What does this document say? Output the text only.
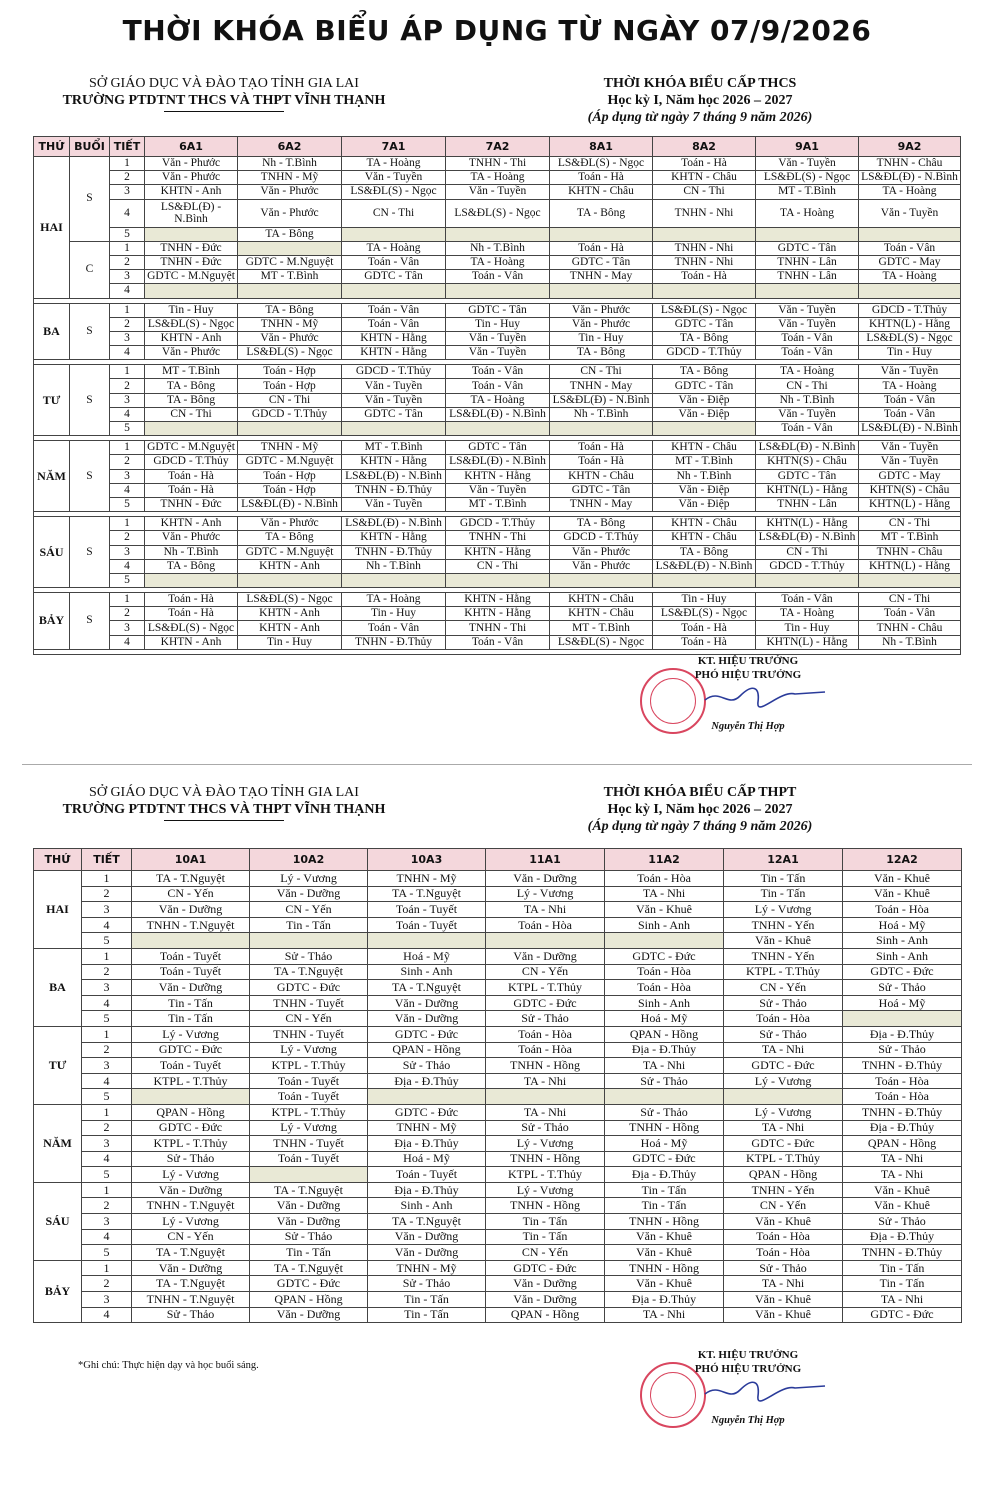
THỜI KHÓA BIỂU ÁP DỤNG TỪ NGÀY 07/9/2026
SỞ GIÁO DỤC VÀ ĐÀO TẠO TỈNH GIA LAI
TRƯỜNG PTDTNT THCS VÀ THPT VĨNH THẠNH
THỜI KHÓA BIỂU CẤP THCS
Học kỳ I, Năm học 2026 – 2027
(Áp dụng từ ngày 7 tháng 9 năm 2026)
THỨ	BUỔI	TIẾT	6A1	6A2	7A1	7A2	8A1	8A2	9A1	9A2
HAI	S	1	Văn - Phước	Nh - T.Bình	TA - Hoàng	TNHN - Thi	LS&ĐL(S) - Ngọc	Toán - Hà	Văn - Tuyền	TNHN - Châu
		2	Văn - Phước	TNHN - Mỹ	Văn - Tuyền	TA - Hoàng	Toán - Hà	KHTN - Châu	LS&ĐL(S) - Ngọc	LS&ĐL(Đ) - N.Bình
		3	KHTN - Anh	Văn - Phước	LS&ĐL(S) - Ngọc	Văn - Tuyền	KHTN - Châu	CN - Thi	MT - T.Bình	TA - Hoàng
		4	LS&ĐL(Đ) - N.Bình	Văn - Phước	CN - Thi	LS&ĐL(S) - Ngọc	TA - Bông	TNHN - Nhi	TA - Hoàng	Văn - Tuyền
		5		TA - Bông						
	C	1	TNHN - Đức		TA - Hoàng	Nh - T.Bình	Toán - Hà	TNHN - Nhi	GDTC - Tân	Toán - Vân
		2	TNHN - Đức	GDTC - M.Nguyệt	Toán - Vân	TA - Hoàng	GDTC - Tân	TNHN - Nhi	TNHN - Lân	GDTC - May
		3	GDTC - M.Nguyệt	MT - T.Bình	GDTC - Tân	Toán - Vân	TNHN - May	Toán - Hà	TNHN - Lân	TA - Hoàng
		4								

BA	S	1	Tin - Huy	TA - Bông	Toán - Vân	GDTC - Tân	Văn - Phước	LS&ĐL(S) - Ngọc	Văn - Tuyền	GDCD - T.Thủy
		2	LS&ĐL(S) - Ngọc	TNHN - Mỹ	Toán - Vân	Tin - Huy	Văn - Phước	GDTC - Tân	Văn - Tuyền	KHTN(L) - Hằng
		3	KHTN - Anh	Văn - Phước	KHTN - Hằng	Văn - Tuyền	Tin - Huy	TA - Bông	Toán - Vân	LS&ĐL(S) - Ngọc
		4	Văn - Phước	LS&ĐL(S) - Ngọc	KHTN - Hằng	Văn - Tuyền	TA - Bông	GDCD - T.Thủy	Toán - Vân	Tin - Huy

TƯ	S	1	MT - T.Bình	Toán - Hợp	GDCD - T.Thủy	Toán - Vân	CN - Thi	TA - Bông	TA - Hoàng	Văn - Tuyền
		2	TA - Bông	Toán - Hợp	Văn - Tuyền	Toán - Vân	TNHN - May	GDTC - Tân	CN - Thi	TA - Hoàng
		3	TA - Bông	CN - Thi	Văn - Tuyền	TA - Hoàng	LS&ĐL(Đ) - N.Bình	Văn - Điệp	Nh - T.Bình	Toán - Vân
		4	CN - Thi	GDCD - T.Thủy	GDTC - Tân	LS&ĐL(Đ) - N.Bình	Nh - T.Bình	Văn - Điệp	Văn - Tuyền	Toán - Vân
		5							Toán - Vân	LS&ĐL(Đ) - N.Bình

NĂM	S	1	GDTC - M.Nguyệt	TNHN - Mỹ	MT - T.Bình	GDTC - Tân	Toán - Hà	KHTN - Châu	LS&ĐL(Đ) - N.Bình	Văn - Tuyền
		2	GDCD - T.Thủy	GDTC - M.Nguyệt	KHTN - Hằng	LS&ĐL(Đ) - N.Bình	Toán - Hà	MT - T.Bình	KHTN(S) - Châu	Văn - Tuyền
		3	Toán - Hà	Toán - Hợp	LS&ĐL(Đ) - N.Bình	KHTN - Hằng	KHTN - Châu	Nh - T.Bình	GDTC - Tân	GDTC - May
		4	Toán - Hà	Toán - Hợp	TNHN - Đ.Thủy	Văn - Tuyền	GDTC - Tân	Văn - Điệp	KHTN(L) - Hằng	KHTN(S) - Châu
		5	TNHN - Đức	LS&ĐL(Đ) - N.Bình	Văn - Tuyền	MT - T.Bình	TNHN - May	Văn - Điệp	TNHN - Lân	KHTN(L) - Hằng

SÁU	S	1	KHTN - Anh	Văn - Phước	LS&ĐL(Đ) - N.Bình	GDCD - T.Thủy	TA - Bông	KHTN - Châu	KHTN(L) - Hằng	CN - Thi
		2	Văn - Phước	TA - Bông	KHTN - Hằng	TNHN - Thi	GDCD - T.Thủy	KHTN - Châu	LS&ĐL(Đ) - N.Bình	MT - T.Bình
		3	Nh - T.Bình	GDTC - M.Nguyệt	TNHN - Đ.Thủy	KHTN - Hằng	Văn - Phước	TA - Bông	CN - Thi	TNHN - Châu
		4	TA - Bông	KHTN - Anh	Nh - T.Bình	CN - Thi	Văn - Phước	LS&ĐL(Đ) - N.Bình	GDCD - T.Thủy	KHTN(L) - Hằng
		5								

BẢY	S	1	Toán - Hà	LS&ĐL(S) - Ngọc	TA - Hoàng	KHTN - Hằng	KHTN - Châu	Tin - Huy	Toán - Vân	CN - Thi
		2	Toán - Hà	KHTN - Anh	Tin - Huy	KHTN - Hằng	KHTN - Châu	LS&ĐL(S) - Ngọc	TA - Hoàng	Toán - Vân
		3	LS&ĐL(S) - Ngọc	KHTN - Anh	Toán - Vân	TNHN - Thi	MT - T.Bình	Toán - Hà	Tin - Huy	TNHN - Châu
		4	KHTN - Anh	Tin - Huy	TNHN - Đ.Thủy	Toán - Vân	LS&ĐL(S) - Ngọc	Toán - Hà	KHTN(L) - Hằng	Nh - T.Bình

KT. HIỆU TRƯỞNG
PHÓ HIỆU TRƯỞNG
Nguyễn Thị Hợp
SỞ GIÁO DỤC VÀ ĐÀO TẠO TỈNH GIA LAI
TRƯỜNG PTDTNT THCS VÀ THPT VĨNH THẠNH
THỜI KHÓA BIỂU CẤP THPT
Học kỳ I, Năm học 2026 – 2027
(Áp dụng từ ngày 7 tháng 9 năm 2026)
THỨ	TIẾT	10A1	10A2	10A3	11A1	11A2	12A1	12A2
HAI	1	TA - T.Nguyệt	Lý - Vương	TNHN - Mỹ	Văn - Dưỡng	Toán - Hòa	Tin - Tấn	Văn - Khuê
	2	CN - Yến	Văn - Dưỡng	TA - T.Nguyệt	Lý - Vương	TA - Nhi	Tin - Tấn	Văn - Khuê
	3	Văn - Dưỡng	CN - Yến	Toán - Tuyết	TA - Nhi	Văn - Khuê	Lý - Vương	Toán - Hòa
	4	TNHN - T.Nguyệt	Tin - Tấn	Toán - Tuyết	Toán - Hòa	Sinh - Anh	TNHN - Yến	Hoá - Mỹ
	5						Văn - Khuê	Sinh - Anh
BA	1	Toán - Tuyết	Sử - Thảo	Hoá - Mỹ	Văn - Dưỡng	GDTC - Đức	TNHN - Yến	Sinh - Anh
	2	Toán - Tuyết	TA - T.Nguyệt	Sinh - Anh	CN - Yến	Toán - Hòa	KTPL - T.Thủy	GDTC - Đức
	3	Văn - Dưỡng	GDTC - Đức	TA - T.Nguyệt	KTPL - T.Thủy	Toán - Hòa	CN - Yến	Sử - Thảo
	4	Tin - Tấn	TNHN - Tuyết	Văn - Dưỡng	GDTC - Đức	Sinh - Anh	Sử - Thảo	Hoá - Mỹ
	5	Tin - Tấn	CN - Yến	Văn - Dưỡng	Sử - Thảo	Hoá - Mỹ	Toán - Hòa	
TƯ	1	Lý - Vương	TNHN - Tuyết	GDTC - Đức	Toán - Hòa	QPAN - Hồng	Sử - Thảo	Địa - Đ.Thủy
	2	GDTC - Đức	Lý - Vương	QPAN - Hồng	Toán - Hòa	Địa - Đ.Thủy	TA - Nhi	Sử - Thảo
	3	Toán - Tuyết	KTPL - T.Thủy	Sử - Thảo	TNHN - Hồng	TA - Nhi	GDTC - Đức	TNHN - Đ.Thủy
	4	KTPL - T.Thủy	Toán - Tuyết	Địa - Đ.Thủy	TA - Nhi	Sử - Thảo	Lý - Vương	Toán - Hòa
	5		Toán - Tuyết					Toán - Hòa
NĂM	1	QPAN - Hồng	KTPL - T.Thủy	GDTC - Đức	TA - Nhi	Sử - Thảo	Lý - Vương	TNHN - Đ.Thủy
	2	GDTC - Đức	Lý - Vương	TNHN - Mỹ	Sử - Thảo	TNHN - Hồng	TA - Nhi	Địa - Đ.Thủy
	3	KTPL - T.Thủy	TNHN - Tuyết	Địa - Đ.Thủy	Lý - Vương	Hoá - Mỹ	GDTC - Đức	QPAN - Hồng
	4	Sử - Thảo	Toán - Tuyết	Hoá - Mỹ	TNHN - Hồng	GDTC - Đức	KTPL - T.Thủy	TA - Nhi
	5	Lý - Vương		Toán - Tuyết	KTPL - T.Thủy	Địa - Đ.Thủy	QPAN - Hồng	TA - Nhi
SÁU	1	Văn - Dưỡng	TA - T.Nguyệt	Địa - Đ.Thủy	Lý - Vương	Tin - Tấn	TNHN - Yến	Văn - Khuê
	2	TNHN - T.Nguyệt	Văn - Dưỡng	Sinh - Anh	TNHN - Hồng	Tin - Tấn	CN - Yến	Văn - Khuê
	3	Lý - Vương	Văn - Dưỡng	TA - T.Nguyệt	Tin - Tấn	TNHN - Hồng	Văn - Khuê	Sử - Thảo
	4	CN - Yến	Sử - Thảo	Văn - Dưỡng	Tin - Tấn	Văn - Khuê	Toán - Hòa	Địa - Đ.Thủy
	5	TA - T.Nguyệt	Tin - Tấn	Văn - Dưỡng	CN - Yến	Văn - Khuê	Toán - Hòa	TNHN - Đ.Thủy
BẢY	1	Văn - Dưỡng	TA - T.Nguyệt	TNHN - Mỹ	GDTC - Đức	TNHN - Hồng	Sử - Thảo	Tin - Tấn
	2	TA - T.Nguyệt	GDTC - Đức	Sử - Thảo	Văn - Dưỡng	Văn - Khuê	TA - Nhi	Tin - Tấn
	3	TNHN - T.Nguyệt	QPAN - Hồng	Tin - Tấn	Văn - Dưỡng	Địa - Đ.Thủy	Văn - Khuê	TA - Nhi
	4	Sử - Thảo	Văn - Dưỡng	Tin - Tấn	QPAN - Hồng	TA - Nhi	Văn - Khuê	GDTC - Đức
*Ghi chú: Thực hiện dạy và học buổi sáng.
KT. HIỆU TRƯỞNG
PHÓ HIỆU TRƯỞNG
Nguyễn Thị Hợp
